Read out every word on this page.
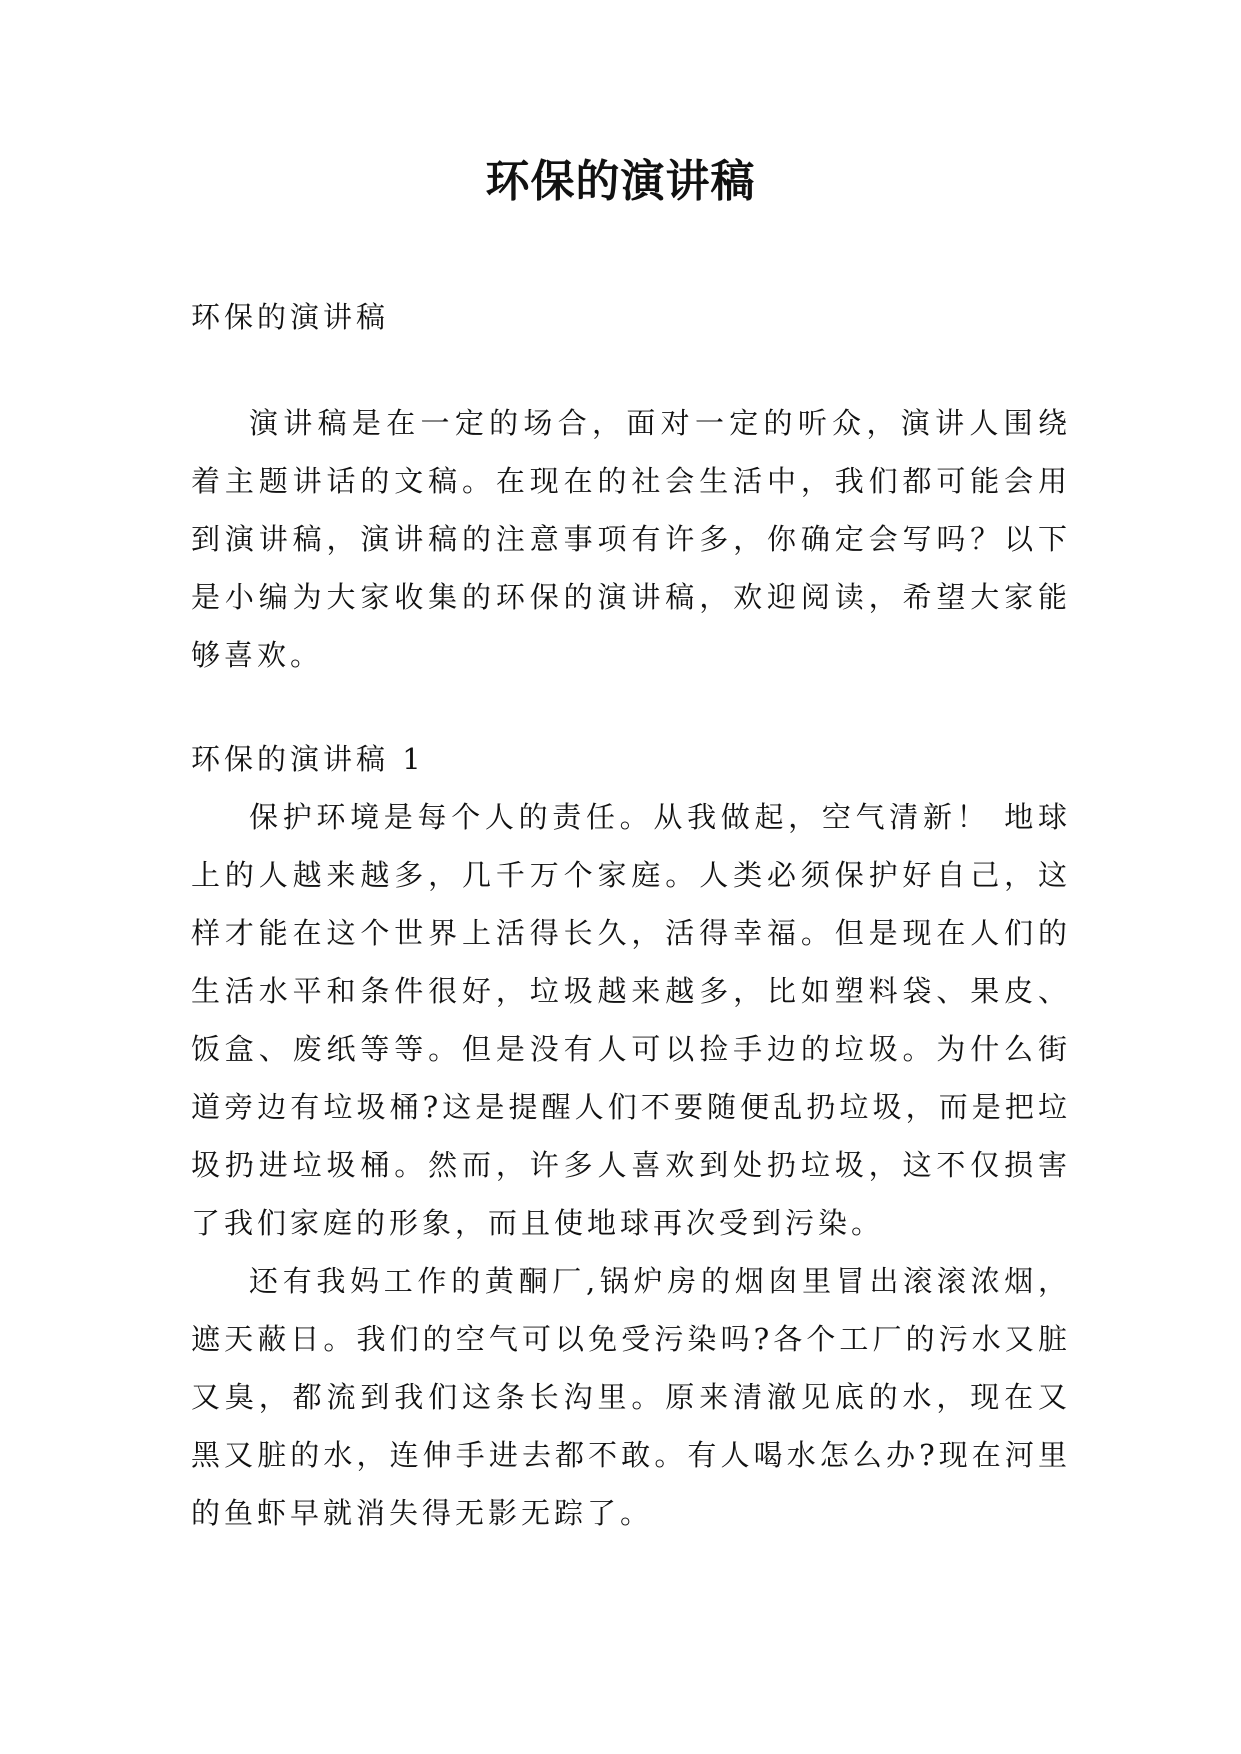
环保的演讲稿
环保的演讲稿

演讲稿是在一定的场合，面对一定的听众，演讲人围绕着主题讲话的文稿。在现在的社会生活中，我们都可能会用到演讲稿，演讲稿的注意事项有许多，你确定会写吗？以下是小编为大家收集的环保的演讲稿，欢迎阅读，希望大家能够喜欢。

环保的演讲稿 1

保护环境是每个人的责任。从我做起，空气清新！ 地球上的人越来越多，几千万个家庭。人类必须保护好自己，这样才能在这个世界上活得长久，活得幸福。但是现在人们的生活水平和条件很好，垃圾越来越多，比如塑料袋、果皮、饭盒、废纸等等。但是没有人可以捡手边的垃圾。为什么街道旁边有垃圾桶?这是提醒人们不要随便乱扔垃圾，而是把垃圾扔进垃圾桶。然而，许多人喜欢到处扔垃圾，这不仅损害了我们家庭的形象，而且使地球再次受到污染。

还有我妈工作的黄酮厂,锅炉房的烟囱里冒出滚滚浓烟，遮天蔽日。我们的空气可以免受污染吗?各个工厂的污水又脏又臭，都流到我们这条长沟里。原来清澈见底的水，现在又黑又脏的水，连伸手进去都不敢。有人喝水怎么办?现在河里的鱼虾早就消失得无影无踪了。
